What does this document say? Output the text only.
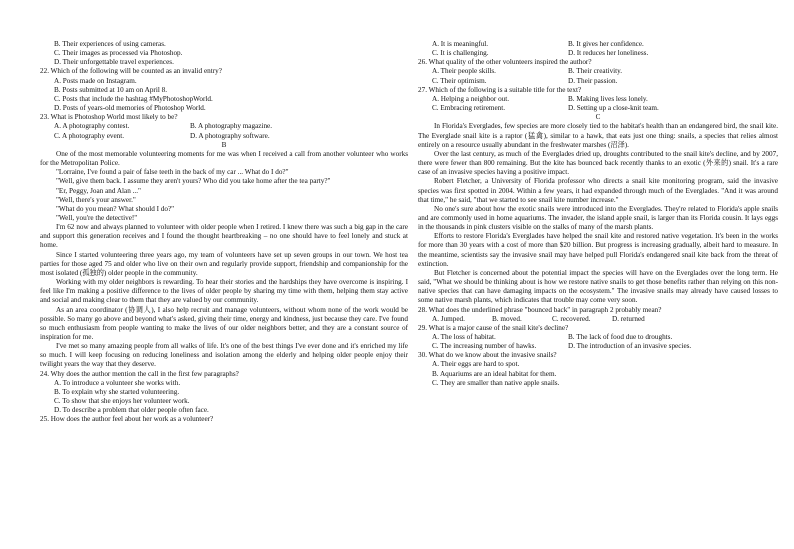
B. Their experiences of using cameras.
C. Their images as processed via Photoshop.
D. Their unforgettable travel experiences.
22. Which of the following will be counted as an invalid entry?
A. Posts made on Instagram.
B. Posts submitted at 10 am on April 8.
C. Posts that include the hashtag #MyPhotoshopWorld.
D. Posts of years-old memories of Photoshop World.
23. What is Photoshop World most likely to be?
A. A photography contest.	B. A photography magazine.
C. A photography event.	D. A photography software.
B
One of the most memorable volunteering moments for me was when I received a call from another volunteer who works for the Metropolitan Police.
"Lorraine, I've found a pair of false teeth in the back of my car ... What do I do?"
"Well, give them back. I assume they aren't yours? Who did you take home after the tea party?"
"Er, Peggy, Joan and Alan ..."
"Well, there's your answer."
"What do you mean? What should I do?"
"Well, you're the detective!"
I'm 62 now and always planned to volunteer with older people when I retired. I knew there was such a big gap in the care and support this generation receives and I found the thought heartbreaking – no one should have to feel lonely and stuck at home.
Since I started volunteering three years ago, my team of volunteers have set up seven groups in our town. We host tea parties for those aged 75 and older who live on their own and regularly provide support, friendship and companionship for the most isolated (孤独的) older people in the community.
Working with my older neighbors is rewarding. To hear their stories and the hardships they have overcome is inspiring. I feel like I'm making a positive difference to the lives of older people by sharing my time with them, helping them stay active and social and making clear to them that they are valued by our community.
As an area coordinator (协调人), I also help recruit and manage volunteers, without whom none of the work would be possible. So many go above and beyond what's asked, giving their time, energy and kindness, just because they care. I've found so much enthusiasm from people wanting to make the lives of our older neighbors better, and they are a constant source of inspiration for me.
I've met so many amazing people from all walks of life. It's one of the best things I've ever done and it's enriched my life so much. I will keep focusing on reducing loneliness and isolation among the elderly and helping older people enjoy their twilight years the way that they deserve.
24. Why does the author mention the call in the first few paragraphs?
A. To introduce a volunteer she works with.
B. To explain why she started volunteering.
C. To show that she enjoys her volunteer work.
D. To describe a problem that older people often face.
25. How does the author feel about her work as a volunteer?
A. It is meaningful.	B. It gives her confidence.
C. It is challenging.	D. It reduces her loneliness.
26. What quality of the other volunteers inspired the author?
A. Their people skills.	B. Their creativity.
C. Their optimism.	D. Their passion.
27. Which of the following is a suitable title for the text?
A. Helping a neighbor out.	B. Making lives less lonely.
C. Embracing retirement.	D. Setting up a close-knit team.
C
In Florida's Everglades, few species are more closely tied to the habitat's health than an endangered bird, the snail kite. The Everglade snail kite is a raptor (猛禽), similar to a hawk, that eats just one thing: snails, a species that relies almost entirely on a resource usually abundant in the freshwater marshes (沼泽).
Over the last century, as much of the Everglades dried up, droughts contributed to the snail kite's decline, and by 2007, there were fewer than 800 remaining. But the kite has bounced back recently thanks to an exotic (外来的) snail. It's a rare case of an invasive species having a positive impact.
Robert Fletcher, a University of Florida professor who directs a snail kite monitoring program, said the invasive species was first spotted in 2004. Within a few years, it had expanded through much of the Everglades. "And it was around that time," he said, "that we started to see snail kite number increase."
No one's sure about how the exotic snails were introduced into the Everglades. They're related to Florida's apple snails and are commonly used in home aquariums. The invader, the island apple snail, is larger than its Florida cousin. It lays eggs in the thousands in pink clusters visible on the stalks of many of the marsh plants.
Efforts to restore Florida's Everglades have helped the snail kite and restored native vegetation. It's been in the works for more than 30 years with a cost of more than $20 billion. But progress is increasing gradually, albeit hard to measure. In the meantime, scientists say the invasive snail may have helped pull Florida's endangered snail kite back from the threat of extinction.
But Fletcher is concerned about the potential impact the species will have on the Everglades over the long term. He said, "What we should be thinking about is how we restore native snails to get those benefits rather than relying on this non-native species that can have damaging impacts on the ecosystem." The invasive snails may already have caused losses to some native marsh plants, which indicates that trouble may come very soon.
28. What does the underlined phrase "bounced back" in paragraph 2 probably mean?
A. Jumped.	B. moved.	C. recovered.	D. returned
29. What is a major cause of the snail kite's decline?
A. The loss of habitat.	B. The lack of food due to droughts.
C. The increasing number of hawks.	D. The introduction of an invasive species.
30. What do we know about the invasive snails?
A. Their eggs are hard to spot.
B. Aquariums are an ideal habitat for them.
C. They are smaller than native apple snails.
